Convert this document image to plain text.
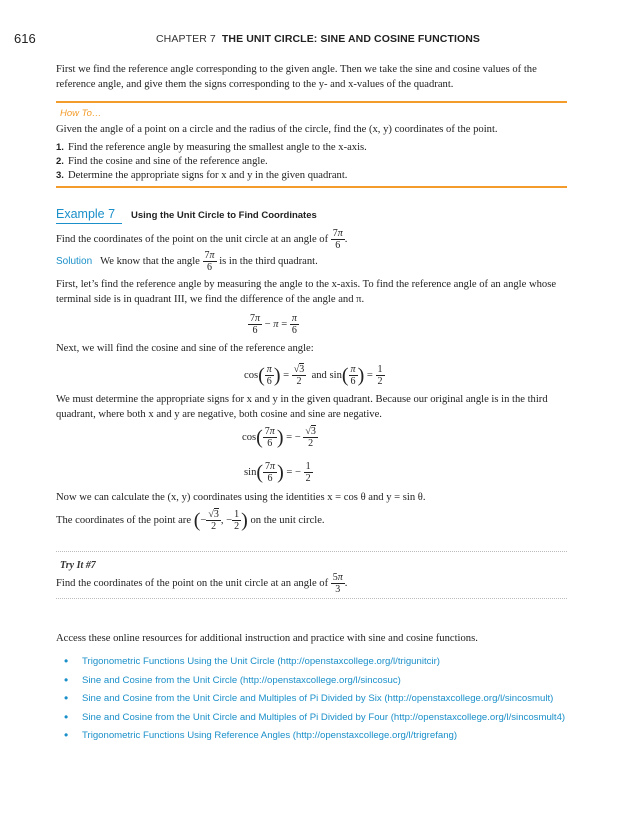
616	CHAPTER 7 THE UNIT CIRCLE: SINE AND COSINE FUNCTIONS
First we find the reference angle corresponding to the given angle. Then we take the sine and cosine values of the reference angle, and give them the signs corresponding to the y- and x-values of the quadrant.
How To…
Given the angle of a point on a circle and the radius of the circle, find the (x, y) coordinates of the point.
1. Find the reference angle by measuring the smallest angle to the x-axis.
2. Find the cosine and sine of the reference angle.
3. Determine the appropriate signs for x and y in the given quadrant.
Example 7 Using the Unit Circle to Find Coordinates
Find the coordinates of the point on the unit circle at an angle of $\frac{7\pi}{6}$ .
Solution We know that the angle $\frac{7\pi}{6}$ is in the third quadrant.
First, let’s find the reference angle by measuring the angle to the x-axis. To find the reference angle of an angle whose terminal side is in quadrant III, we find the difference of the angle and π.
$\frac{7\pi}{6} - \pi = \frac{\pi}{6}$
Next, we will find the cosine and sine of the reference angle:
$\cos( \frac{\pi}{6}$ ) = $\frac{√3}{2}$ and $\sin( \frac{\pi}{6}$ ) = $\frac{1}{2}$
We must determine the appropriate signs for x and y in the given quadrant. Because our original angle is in the third quadrant, where both x and y are negative, both cosine and sine are negative.
$\cos( \frac{7\pi}{6}$ ) = − $\frac{√3}{2}$
$\sin( \frac{7\pi}{6}$ ) = − $\frac{1}{2}$
Now we can calculate the (x, y) coordinates using the identities x = cos θ and y = sin θ.
The coordinates of the point are (− $\frac{√3}{2}$ , − $\frac{1}{2}$ ) on the unit circle.
Try It #7
Find the coordinates of the point on the unit circle at an angle of $\frac{5\pi}{3}$ .
Access these online resources for additional instruction and practice with sine and cosine functions.
• Trigonometric Functions Using the Unit Circle (http://openstaxcollege.org/l/trigunitcir)
• Sine and Cosine from the Unit Circle (http://openstaxcollege.org/l/sincosuc)
• Sine and Cosine from the Unit Circle and Multiples of Pi Divided by Six (http://openstaxcollege.org/l/sincosmult)
• Sine and Cosine from the Unit Circle and Multiples of Pi Divided by Four (http://openstaxcollege.org/l/sincosmult4)
• Trigonometric Functions Using Reference Angles (http://openstaxcollege.org/l/trigrefang)
